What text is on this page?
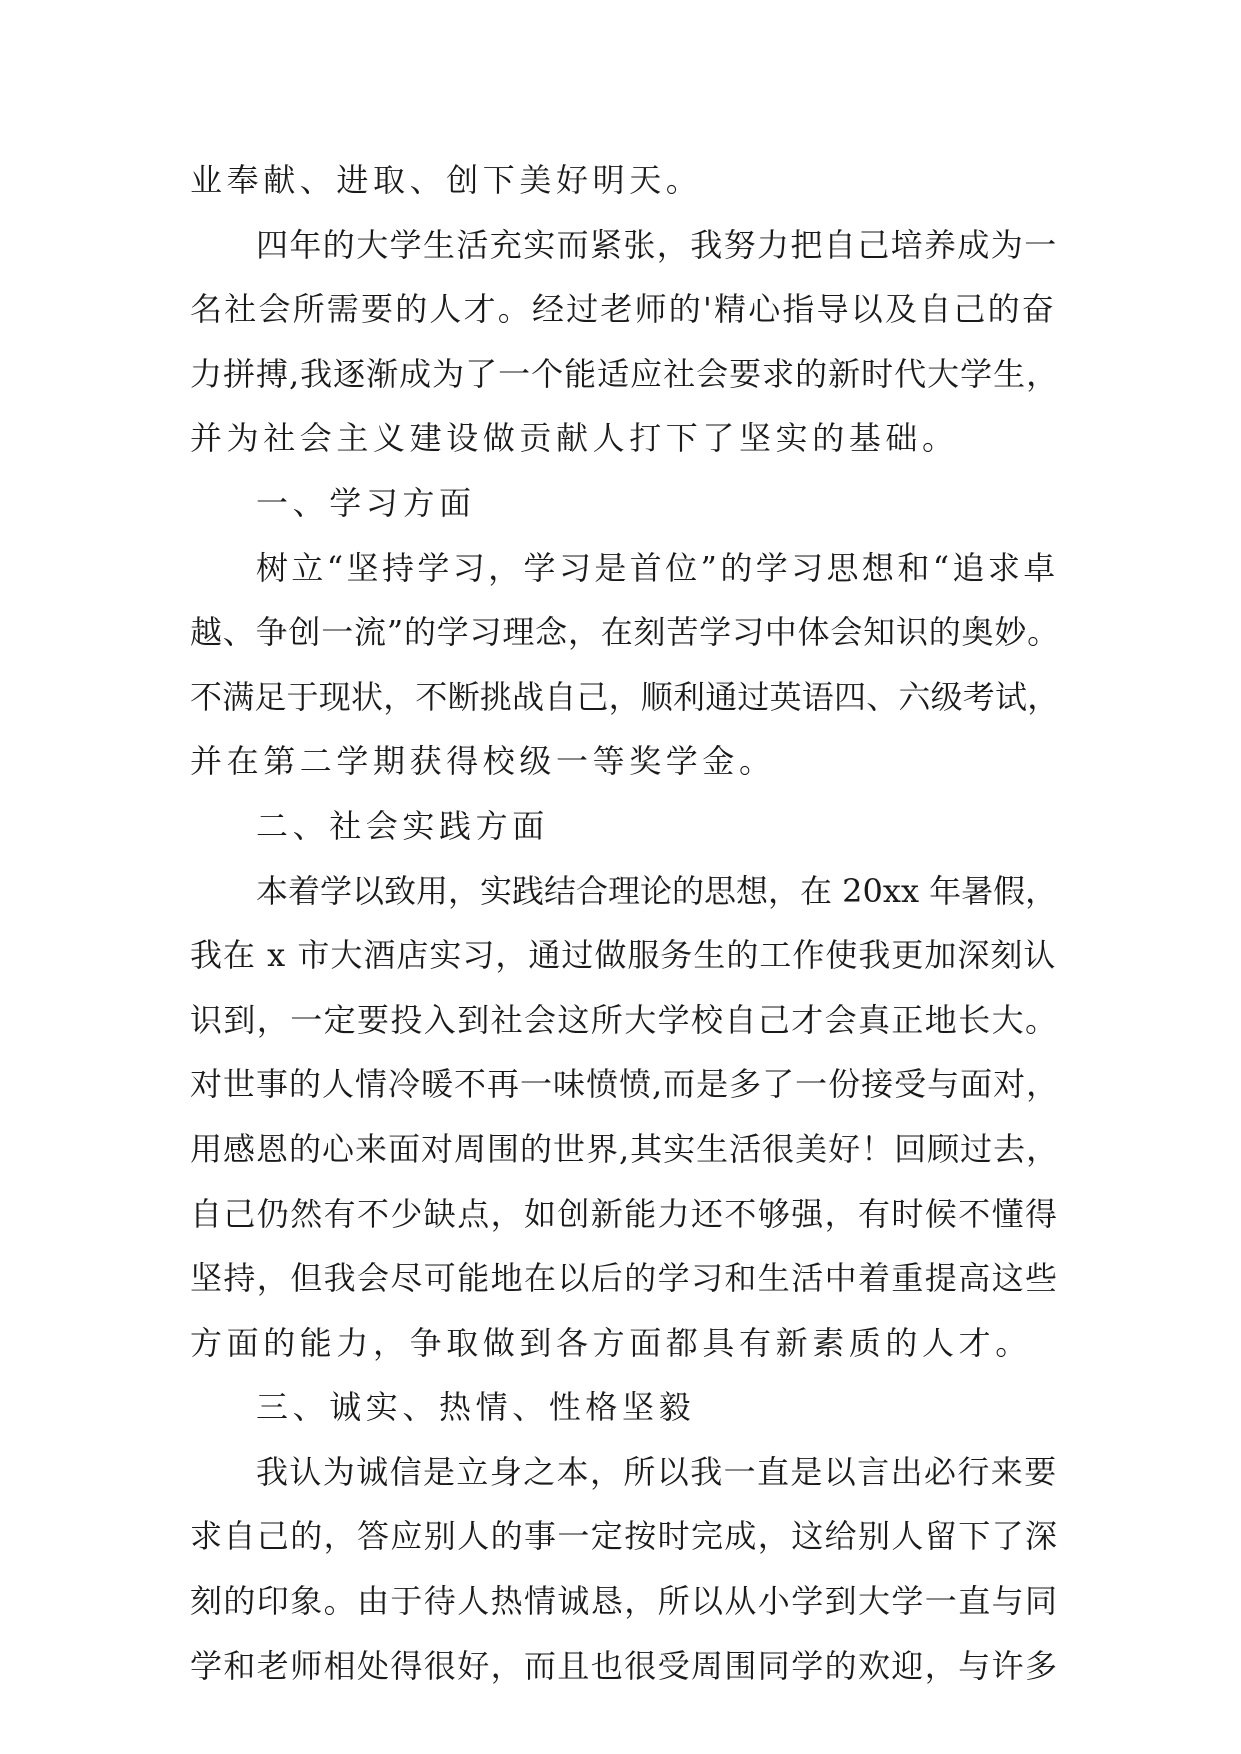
业奉献、进取、创下美好明天。
四年的大学生活充实而紧张，我努力把自己培养成为一
名社会所需要的人才。经过老师的'精心指导以及自己的奋
力拼搏,我逐渐成为了一个能适应社会要求的新时代大学生，
并为社会主义建设做贡献人打下了坚实的基础。
一、学习方面
树立“坚持学习，学习是首位”的学习思想和“追求卓
越、争创一流”的学习理念，在刻苦学习中体会知识的奥妙。
不满足于现状，不断挑战自己，顺利通过英语四、六级考试，
并在第二学期获得校级一等奖学金。
二、社会实践方面
本着学以致用，实践结合理论的思想，在 20xx 年暑假，
我在 x 市大酒店实习，通过做服务生的工作使我更加深刻认
识到，一定要投入到社会这所大学校自己才会真正地长大。
对世事的人情冷暖不再一味愤愤,而是多了一份接受与面对，
用感恩的心来面对周围的世界,其实生活很美好！回顾过去，
自己仍然有不少缺点，如创新能力还不够强，有时候不懂得
坚持，但我会尽可能地在以后的学习和生活中着重提高这些
方面的能力，争取做到各方面都具有新素质的人才。
三、诚实、热情、性格坚毅
我认为诚信是立身之本，所以我一直是以言出必行来要
求自己的，答应别人的事一定按时完成，这给别人留下了深
刻的印象。由于待人热情诚恳，所以从小学到大学一直与同
学和老师相处得很好，而且也很受周围同学的欢迎，与许多
